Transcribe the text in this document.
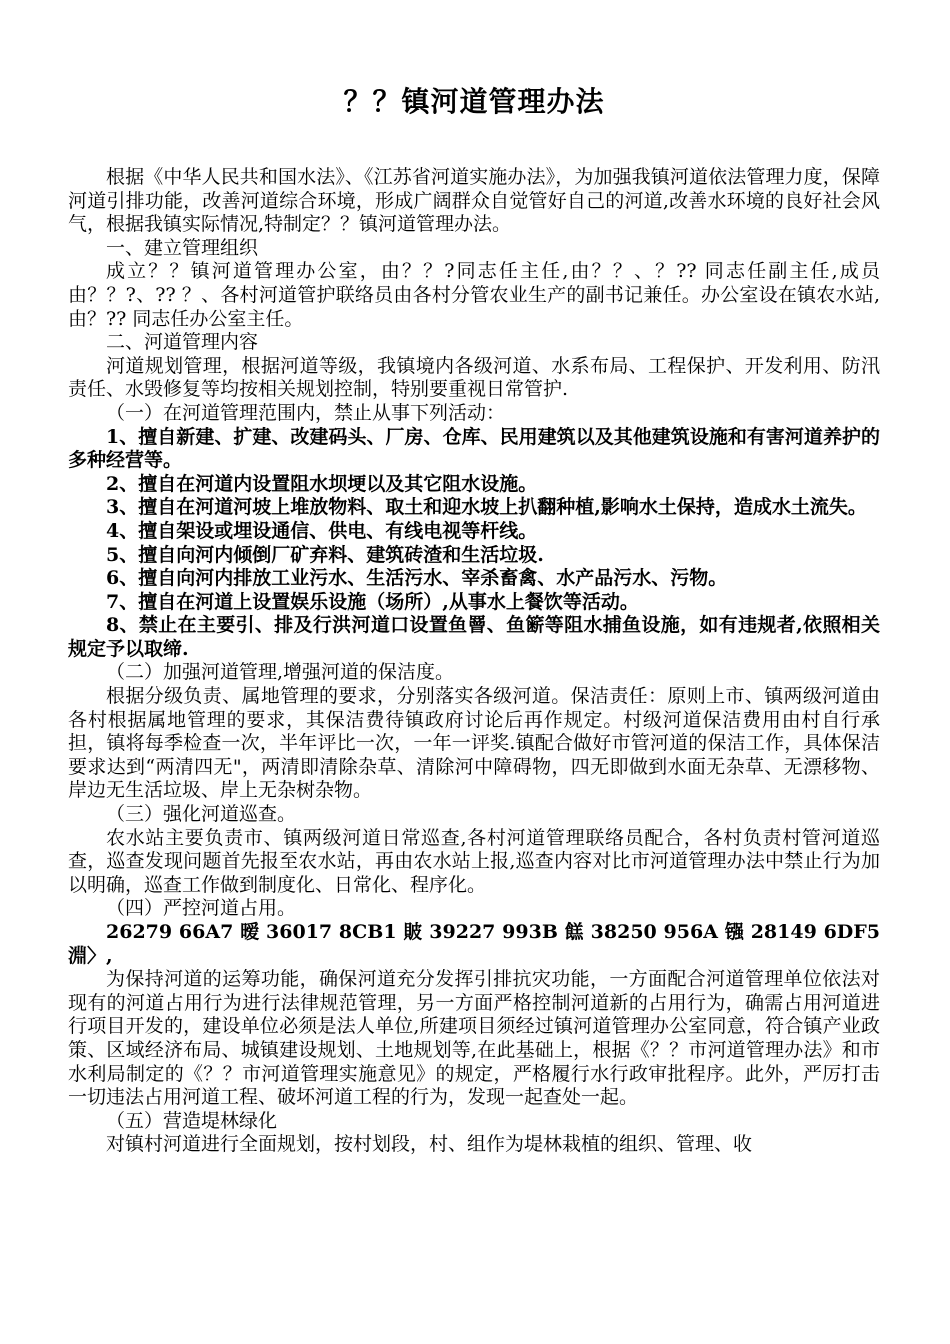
？？镇河道管理办法

根据《中华人民共和国水法》、《江苏省河道实施办法》，为加强我镇河道依法管理力度，保障河道引排功能，改善河道综合环境，形成广阔群众自觉管好自己的河道,改善水环境的良好社会风气，根据我镇实际情况,特制定？？镇河道管理办法。

一、建立管理组织

成立？？镇河道管理办公室，由？？?同志任主任,由？？、？?? 同志任副主任,成员由？？?、?? ？、各村河道管护联络员由各村分管农业生产的副书记兼任。办公室设在镇农水站,由？?? 同志任办公室主任。

二、河道管理内容

河道规划管理，根据河道等级，我镇境内各级河道、水系布局、工程保护、开发利用、防汛责任、水毁修复等均按相关规划控制，特别要重视日常管护.

（一）在河道管理范围内，禁止从事下列活动：

1、擅自新建、扩建、改建码头、厂房、仓库、民用建筑以及其他建筑设施和有害河道养护的多种经营等。

2、擅自在河道内设置阻水坝埂以及其它阻水设施。

3、擅自在河道河坡上堆放物料、取土和迎水坡上扒翻种植,影响水土保持，造成水土流失。

4、擅自架设或埋设通信、供电、有线电视等杆线。

5、擅自向河内倾倒厂矿弃料、建筑砖渣和生活垃圾.

6、擅自向河内排放工业污水、生活污水、宰杀畜禽、水产品污水、污物。

7、擅自在河道上设置娱乐设施（场所）,从事水上餐饮等活动。

8、禁止在主要引、排及行洪河道口设置鱼罾、鱼簖等阻水捕鱼设施，如有违规者,依照相关规定予以取缔.

（二）加强河道管理,增强河道的保洁度。

根据分级负责、属地管理的要求，分别落实各级河道。保洁责任：原则上市、镇两级河道由各村根据属地管理的要求，其保洁费待镇政府讨论后再作规定。村级河道保洁费用由村自行承担，镇将每季检查一次，半年评比一次，一年一评奖.镇配合做好市管河道的保洁工作，具体保洁要求达到“两清四无"，两清即清除杂草、清除河中障碍物，四无即做到水面无杂草、无漂移物、岸边无生活垃圾、岸上无杂树杂物。

（三）强化河道巡查。

农水站主要负责市、镇两级河道日常巡查,各村河道管理联络员配合，各村负责村管河道巡查，巡查发现问题首先报至农水站，再由农水站上报,巡查内容对比市河道管理办法中禁止行为加以明确，巡查工作做到制度化、日常化、程序化。

（四）严控河道占用。

26279 66A7 暧 36017 8CB1 貱 39227 993B 餻 38250 956A 镪 28149 6DF5 淵〉,

为保持河道的运筹功能，确保河道充分发挥引排抗灾功能，一方面配合河道管理单位依法对现有的河道占用行为进行法律规范管理，另一方面严格控制河道新的占用行为，确需占用河道进行项目开发的，建设单位必须是法人单位,所建项目须经过镇河道管理办公室同意，符合镇产业政策、区域经济布局、城镇建设规划、土地规划等,在此基础上，根据《？？市河道管理办法》和市水利局制定的《？？市河道管理实施意见》的规定，严格履行水行政审批程序。此外，严厉打击一切违法占用河道工程、破坏河道工程的行为，发现一起查处一起。

（五）营造堤林绿化

对镇村河道进行全面规划，按村划段，村、组作为堤林栽植的组织、管理、收
